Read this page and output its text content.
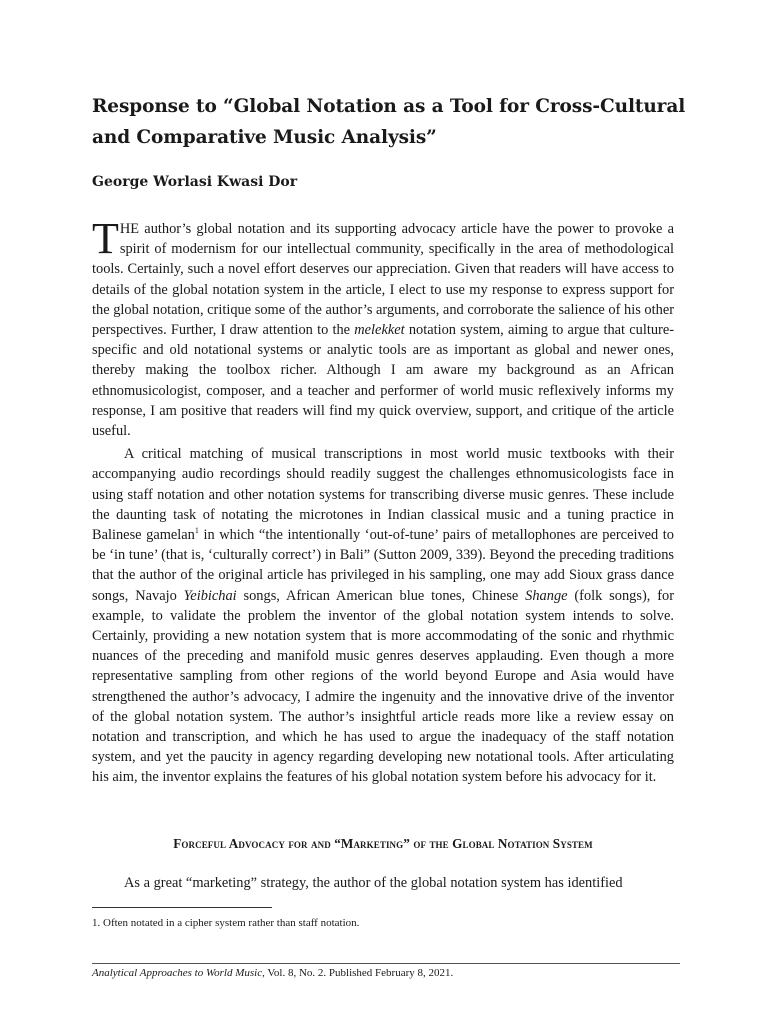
Response to “Global Notation as a Tool for Cross-Cultural and Comparative Music Analysis”
George Worlasi Kwasi Dor

THE author’s global notation and its supporting advocacy article have the power to provoke a spirit of modernism for our intellectual community, specifically in the area of methodological tools. Certainly, such a novel effort deserves our appreciation. Given that readers will have access to details of the global notation system in the article, I elect to use my response to express support for the global notation, critique some of the author’s arguments, and corroborate the salience of his other perspectives. Further, I draw attention to the melekket notation system, aiming to argue that culture-specific and old notational systems or analytic tools are as important as global and newer ones, thereby making the toolbox richer. Although I am aware my background as an African ethnomusicologist, composer, and a teacher and performer of world music reflexively informs my response, I am positive that readers will find my quick overview, support, and critique of the article useful.

A critical matching of musical transcriptions in most world music textbooks with their accompanying audio recordings should readily suggest the challenges ethnomusicologists face in using staff notation and other notation systems for transcribing diverse music genres. These include the daunting task of notating the microtones in Indian classical music and a tuning practice in Balinese gamelan$^1$ in which “the intentionally ‘out-of-tune’ pairs of metallophones are perceived to be ‘in tune’ (that is, ‘culturally correct’) in Bali” (Sutton 2009, 339). Beyond the preceding traditions that the author of the original article has privileged in his sampling, one may add Sioux grass dance songs, Navajo Yeibichai songs, African American blue tones, Chinese Shange (folk songs), for example, to validate the problem the inventor of the global notation system intends to solve. Certainly, providing a new notation system that is more accommodating of the sonic and rhythmic nuances of the preceding and manifold music genres deserves applauding. Even though a more representative sampling from other regions of the world beyond Europe and Asia would have strengthened the author’s advocacy, I admire the ingenuity and the innovative drive of the inventor of the global notation system. The author’s insightful article reads more like a review essay on notation and transcription, and which he has used to argue the inadequacy of the staff notation system, and yet the paucity in agency regarding developing new notational tools. After articulating his aim, the inventor explains the features of his global notation system before his advocacy for it.

Forceful Advocacy for and “Marketing” of the Global Notation System

As a great “marketing” strategy, the author of the global notation system has identified

1. Often notated in a cipher system rather than staff notation.

Analytical Approaches to World Music, Vol. 8, No. 2. Published February 8, 2021.
